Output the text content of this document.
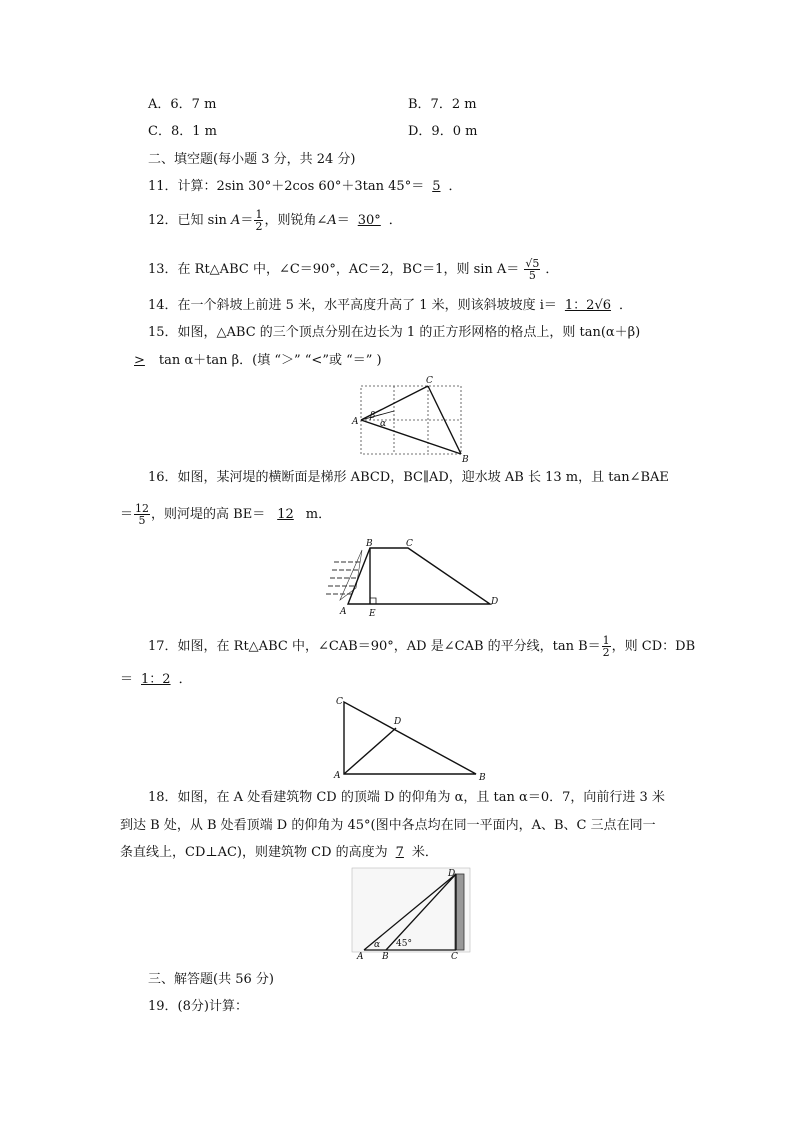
A．6．7 m	B．7．2 m
C．8．1 m	D．9．0 m
二、填空题(每小题 3 分，共 24 分)
11．计算：2sin 30°＋2cos 60°＋3tan 45°＝ 5 ．
12．已知 $\sin A= \frac{1}{2}$ ，则锐角∠A＝ 30° ．
13．在 Rt△ABC 中，∠C＝90°，AC＝2，BC＝1，则 $\sin A= \frac{√5}{5}$ ．
14．在一个斜坡上前进 5 米，水平高度升高了 1 米，则该斜坡坡度 i＝ 1：2√6 ．
15．如图，△ABC 的三个顶点分别在边长为 1 的正方形网格的格点上，则 tan(α＋β)
> tan α＋tan β．(填 “＞” “<”或 “＝” )
A
B
C
β
α
16．如图，某河堤的横断面是梯形 ABCD，BC∥AD，迎水坡 AB 长 13 m，且 tan∠BAE
＝ $\frac{12}{5}$ ，则河堤的高 BE＝ 12 m．
A
B	C
D
E
17．如图，在 Rt△ABC 中，∠CAB＝90°，AD 是∠CAB 的平分线，$\tan B= \frac{1}{2}$ ，则 CD：DB
＝ 1：2 ．
C
A	B
D
18．如图，在 A 处看建筑物 CD 的顶端 D 的仰角为 α，且 tan α＝0．7，向前行进 3 米
到达 B 处，从 B 处看顶端 D 的仰角为 45°(图中各点均在同一平面内，A、B、C 三点在同一
条直线上，CD⊥AC)，则建筑物 CD 的高度为 7 米．
A B	C
D
α 45°
三、解答题(共 56 分)
19．(8分)计算：
